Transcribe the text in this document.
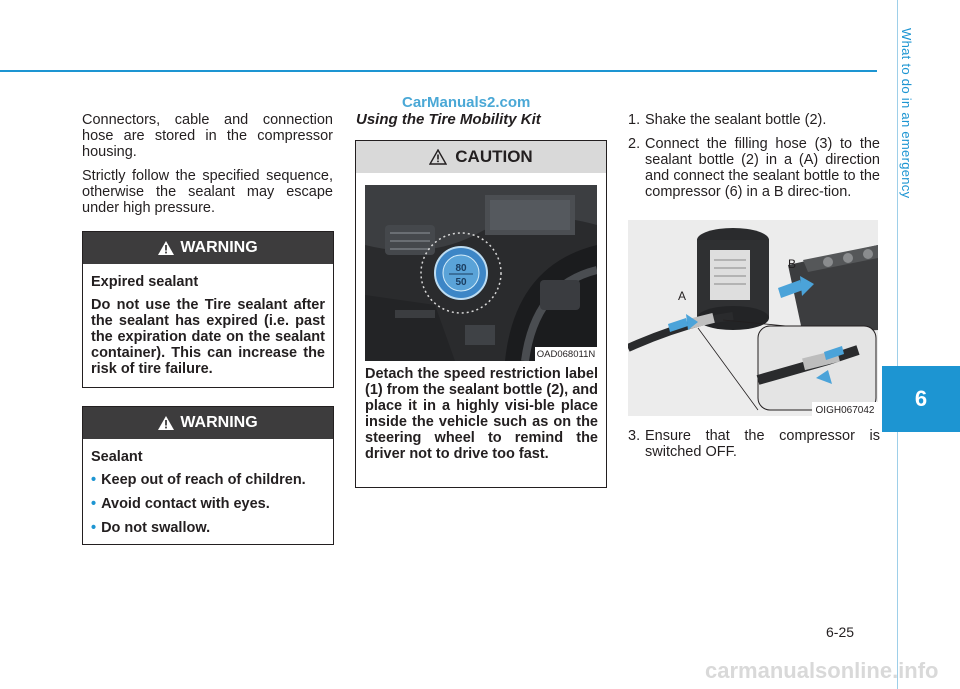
What to do in an emergency
6
CarManuals2.com
6-25
carmanualsonline.info

Connectors, cable and connection hose are stored in the compressor housing.

Strictly follow the specified sequence, otherwise the sealant may escape under high pressure.

WARNING

Expired sealant

Do not use the Tire sealant after the sealant has expired (i.e. past the expiration date on the sealant container). This can increase the risk of tire failure.

WARNING

Sealant

• Keep out of reach of children.
• Avoid contact with eyes.
• Do not swallow.
Using the Tire Mobility Kit
CAUTION
80
50
OAD068011N
Detach the speed restriction label (1) from the sealant bottle (2), and place it in a highly visi-ble place inside the vehicle such as on the steering wheel to remind the driver not to drive too fast.
1. Shake the sealant bottle (2).
2. Connect the filling hose (3) to the sealant bottle (2) in a (A) direction and connect the sealant bottle to the compressor (6) in a B direc-tion.
B
A
OIGH067042
3. Ensure that the compressor is switched OFF.
